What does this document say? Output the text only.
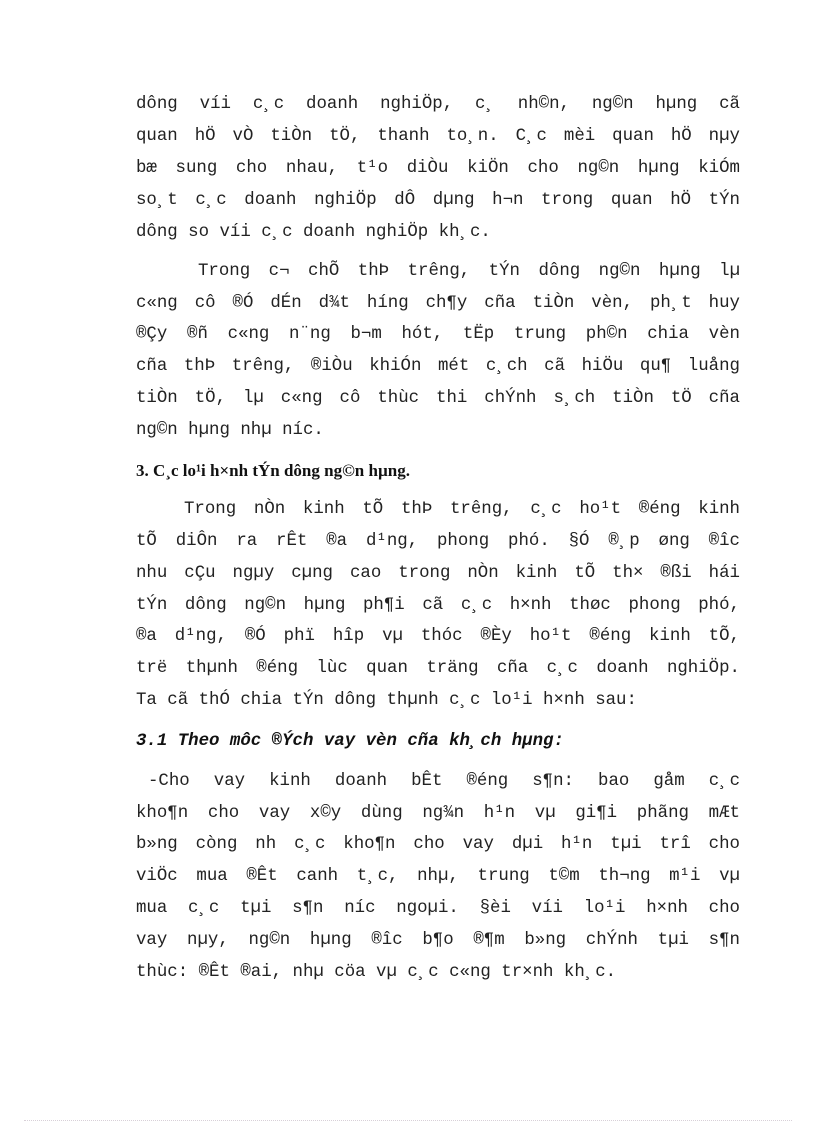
dông víi c¸c doanh nghiÖp, c¸ nh©n, ng©n hµng cã
quan hÖ vÒ tiÒn tÖ, thanh to¸n. C¸c mèi quan hÖ nµy
bæ sung cho nhau, t¹o diÒu kiÖn cho ng©n hµng kiÓm
so¸t c¸c doanh nghiÖp dÔ dµng h¬n trong quan hÖ tÝn
dông so víi c¸c doanh nghiÖp kh¸c.
Trong c¬ chÕ thÞ trêng, tÝn dông ng©n hµng lµ
c«ng cô ®Ó dÉn d¾t híng ch¶y cña tiÒn vèn, ph¸t huy
®Çy ®ñ c«ng n¨ng b¬m hót, tËp trung ph©n chia vèn
cña thÞ trêng, ®iÒu khiÓn mét c¸ch cã hiÖu qu¶ luång
tiÒn tÖ, lµ c«ng cô thùc thi chÝnh s¸ch tiÒn tÖ cña
ng©n hµng nhµ níc.
3. C¸c lo¹i h×nh tÝn dông ng©n hµng.
Trong nÒn kinh tÕ thÞ trêng, c¸c ho¹t ®éng kinh
tÕ diÔn ra rÊt ®a d¹ng, phong phó. §Ó ®¸p øng ®îc
nhu cÇu ngµy cµng cao trong nÒn kinh tÕ th× ®ßi hái
tÝn dông ng©n hµng ph¶i cã c¸c h×nh thøc phong phó,
®a d¹ng, ®Ó phï hîp vµ thóc ®Èy ho¹t ®éng kinh tÕ,
trë thµnh ®éng lùc quan träng cña c¸c doanh nghiÖp.
Ta cã thÓ chia tÝn dông thµnh c¸c lo¹i h×nh sau:
3.1 Theo môc ®Ých vay vèn cña kh¸ch hµng:
-Cho vay kinh doanh bÊt ®éng s¶n: bao gåm c¸c
kho¶n cho vay x©y dùng ng¾n h¹n vµ gi¶i phãng mÆt
b»ng còng nh c¸c kho¶n cho vay dµi h¹n tµi trî cho
viÖc mua ®Êt canh t¸c, nhµ, trung t©m th¬ng m¹i vµ
mua c¸c tµi s¶n níc ngoµi. §èi víi lo¹i h×nh cho
vay nµy, ng©n hµng ®îc b¶o ®¶m b»ng chÝnh tµi s¶n
thùc: ®Êt ®ai, nhµ cöa vµ c¸c c«ng tr×nh kh¸c.
